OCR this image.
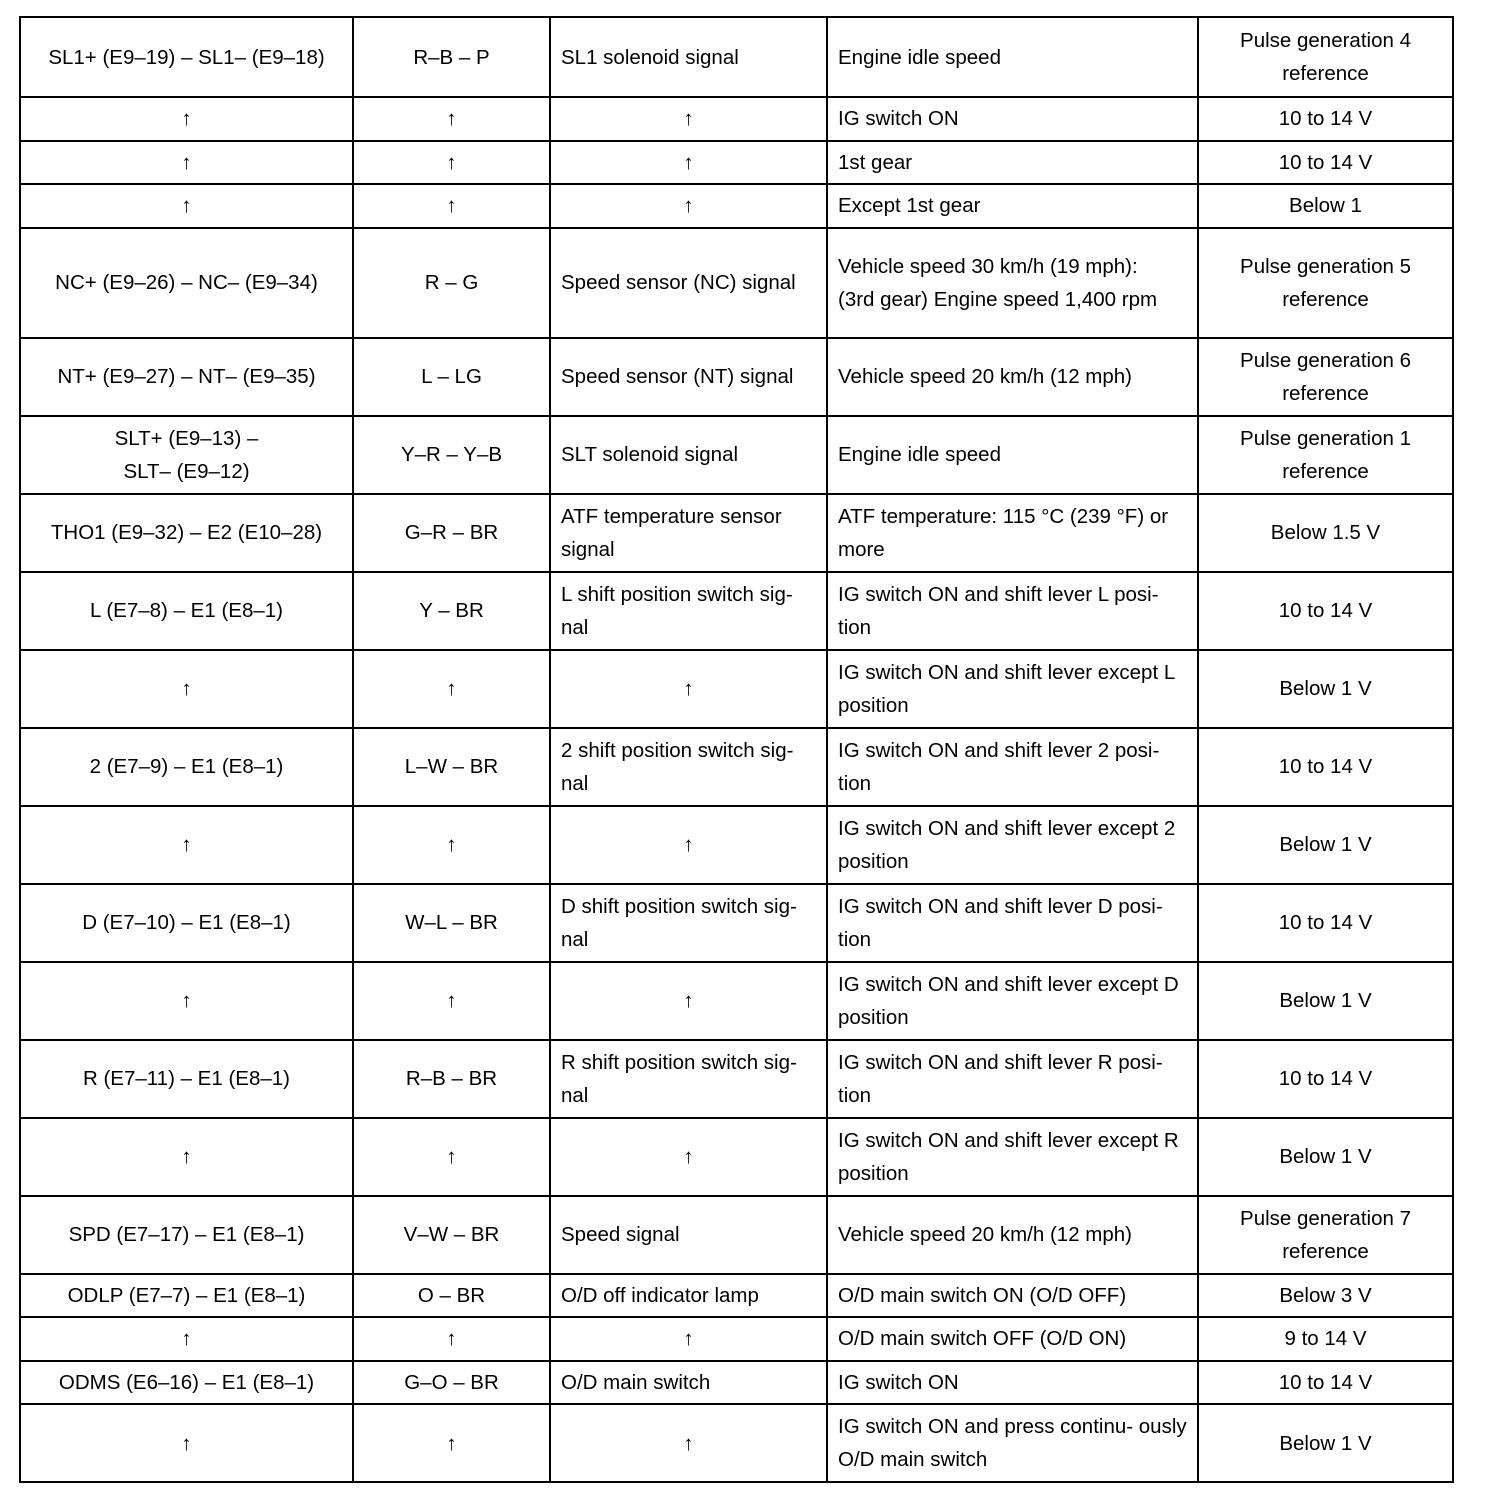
SL1+ (E9–19) – SL1– (E9–18)	R–B – P	SL1 solenoid signal	Engine idle speed	Pulse generation 4 reference
↑	↑	↑	IG switch ON	10 to 14 V
↑	↑	↑	1st gear	10 to 14 V
↑	↑	↑	Except 1st gear	Below 1
NC+ (E9–26) – NC– (E9–34)	R – G	Speed sensor (NC) signal	Vehicle speed 30 km/h (19 mph): (3rd gear) Engine speed 1,400 rpm	Pulse generation 5 reference
NT+ (E9–27) – NT– (E9–35)	L – LG	Speed sensor (NT) signal	Vehicle speed 20 km/h (12 mph)	Pulse generation 6 reference
SLT+ (E9–13) – SLT– (E9–12)	Y–R – Y–B	SLT solenoid signal	Engine idle speed	Pulse generation 1 reference
THO1 (E9–32) – E2 (E10–28)	G–R – BR	ATF temperature sensor signal	ATF temperature: 115 °C (239 °F) or more	Below 1.5 V
L (E7–8) – E1 (E8–1)	Y – BR	L shift position switch sig- nal	IG switch ON and shift lever L posi- tion	10 to 14 V
↑	↑	↑	IG switch ON and shift lever except L position	Below 1 V
2 (E7–9) – E1 (E8–1)	L–W – BR	2 shift position switch sig- nal	IG switch ON and shift lever 2 posi- tion	10 to 14 V
↑	↑	↑	IG switch ON and shift lever except 2 position	Below 1 V
D (E7–10) – E1 (E8–1)	W–L – BR	D shift position switch sig- nal	IG switch ON and shift lever D posi- tion	10 to 14 V
↑	↑	↑	IG switch ON and shift lever except D position	Below 1 V
R (E7–11) – E1 (E8–1)	R–B – BR	R shift position switch sig- nal	IG switch ON and shift lever R posi- tion	10 to 14 V
↑	↑	↑	IG switch ON and shift lever except R position	Below 1 V
SPD (E7–17) – E1 (E8–1)	V–W – BR	Speed signal	Vehicle speed 20 km/h (12 mph)	Pulse generation 7 reference
ODLP (E7–7) – E1 (E8–1)	O – BR	O/D off indicator lamp	O/D main switch ON (O/D OFF)	Below 3 V
↑	↑	↑	O/D main switch OFF (O/D ON)	9 to 14 V
ODMS (E6–16) – E1 (E8–1)	G–O – BR	O/D main switch	IG switch ON	10 to 14 V
↑	↑	↑	IG switch ON and press continu- ously O/D main switch	Below 1 V
